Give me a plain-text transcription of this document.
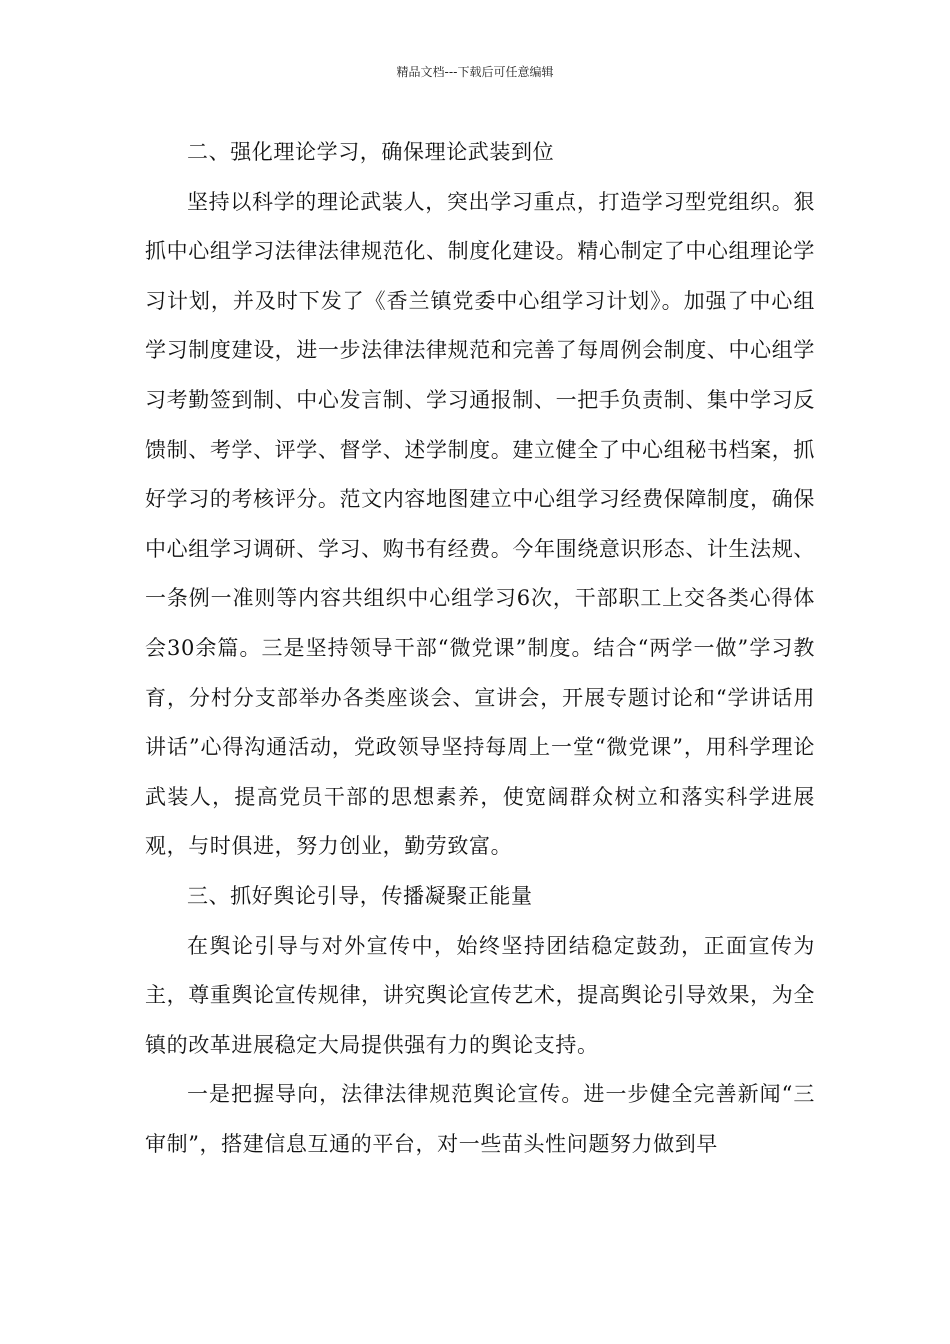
精品文档---下载后可任意编辑

二、强化理论学习，确保理论武装到位

坚持以科学的理论武装人，突出学习重点，打造学习型党组织。狠抓中心组学习法律法律规范化、制度化建设。精心制定了中心组理论学习计划，并及时下发了《香兰镇党委中心组学习计划》。加强了中心组学习制度建设，进一步法律法律规范和完善了每周例会制度、中心组学习考勤签到制、中心发言制、学习通报制、一把手负责制、集中学习反馈制、考学、评学、督学、述学制度。建立健全了中心组秘书档案，抓好学习的考核评分。范文内容地图建立中心组学习经费保障制度，确保中心组学习调研、学习、购书有经费。今年围绕意识形态、计生法规、一条例一准则等内容共组织中心组学习6次，干部职工上交各类心得体会30余篇。三是坚持领导干部“微党课”制度。结合“两学一做”学习教育，分村分支部举办各类座谈会、宣讲会，开展专题讨论和“学讲话用讲话”心得沟通活动，党政领导坚持每周上一堂“微党课”，用科学理论武装人，提高党员干部的思想素养，使宽阔群众树立和落实科学进展观，与时俱进，努力创业，勤劳致富。

三、抓好舆论引导，传播凝聚正能量

在舆论引导与对外宣传中，始终坚持团结稳定鼓劲，正面宣传为主，尊重舆论宣传规律，讲究舆论宣传艺术，提高舆论引导效果，为全镇的改革进展稳定大局提供强有力的舆论支持。

一是把握导向，法律法律规范舆论宣传。进一步健全完善新闻“三审制”，搭建信息互通的平台，对一些苗头性问题努力做到早
